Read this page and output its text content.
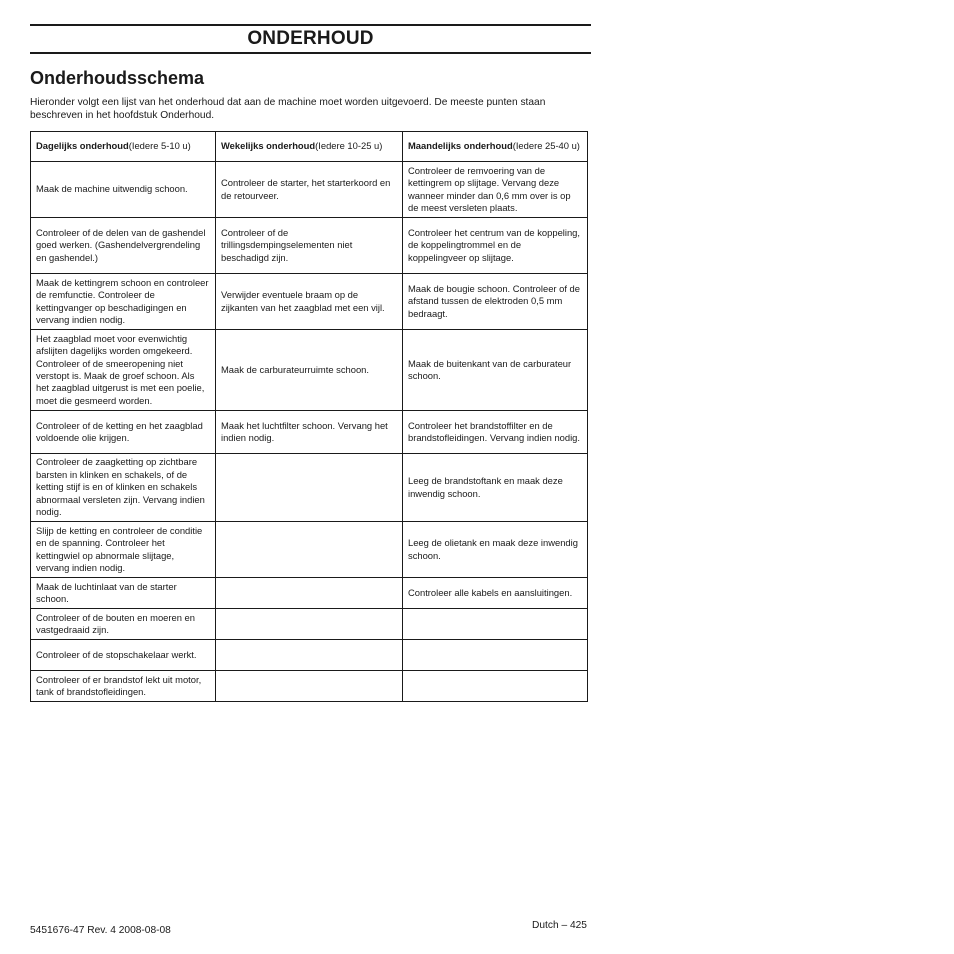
ONDERHOUD
Onderhoudsschema
Hieronder volgt een lijst van het onderhoud dat aan de machine moet worden uitgevoerd. De meeste punten staan beschreven in het hoofdstuk Onderhoud.
Dagelijks onderhoud(Iedere 5-10 u)	Wekelijks onderhoud(Iedere 10-25 u)	Maandelijks onderhoud(Iedere 25-40 u)
Maak de machine uitwendig schoon.	Controleer de starter, het starterkoord en de retourveer.	Controleer de remvoering van de kettingrem op slijtage. Vervang deze wanneer minder dan 0,6 mm over is op de meest versleten plaats.
Controleer of de delen van de gashendel goed werken. (Gashendelvergrendeling en gashendel.)	Controleer of de trillingsdempingselementen niet beschadigd zijn.	Controleer het centrum van de koppeling, de koppelingtrommel en de koppelingveer op slijtage.
Maak de kettingrem schoon en controleer de remfunctie. Controleer de kettingvanger op beschadigingen en vervang indien nodig.	Verwijder eventuele braam op de zijkanten van het zaagblad met een vijl.	Maak de bougie schoon. Controleer of de afstand tussen de elektroden 0,5 mm bedraagt.
Het zaagblad moet voor evenwichtig afslijten dagelijks worden omgekeerd. Controleer of de smeeropening niet verstopt is. Maak de groef schoon. Als het zaagblad uitgerust is met een poelie, moet die gesmeerd worden.	Maak de carburateurruimte schoon.	Maak de buitenkant van de carburateur schoon.
Controleer of de ketting en het zaagblad voldoende olie krijgen.	Maak het luchtfilter schoon. Vervang het indien nodig.	Controleer het brandstoffilter en de brandstofleidingen. Vervang indien nodig.
Controleer de zaagketting op zichtbare barsten in klinken en schakels, of de ketting stijf is en of klinken en schakels abnormaal versleten zijn. Vervang indien nodig.		Leeg de brandstoftank en maak deze inwendig schoon.
Slijp de ketting en controleer de conditie en de spanning. Controleer het kettingwiel op abnormale slijtage, vervang indien nodig.		Leeg de olietank en maak deze inwendig schoon.
Maak de luchtinlaat van de starter schoon.		Controleer alle kabels en aansluitingen.
Controleer of de bouten en moeren en vastgedraaid zijn.		
Controleer of de stopschakelaar werkt.		
Controleer of er brandstof lekt uit motor, tank of brandstofleidingen.		
5451676-47 Rev. 4 2008-08-08	Dutch – 425
